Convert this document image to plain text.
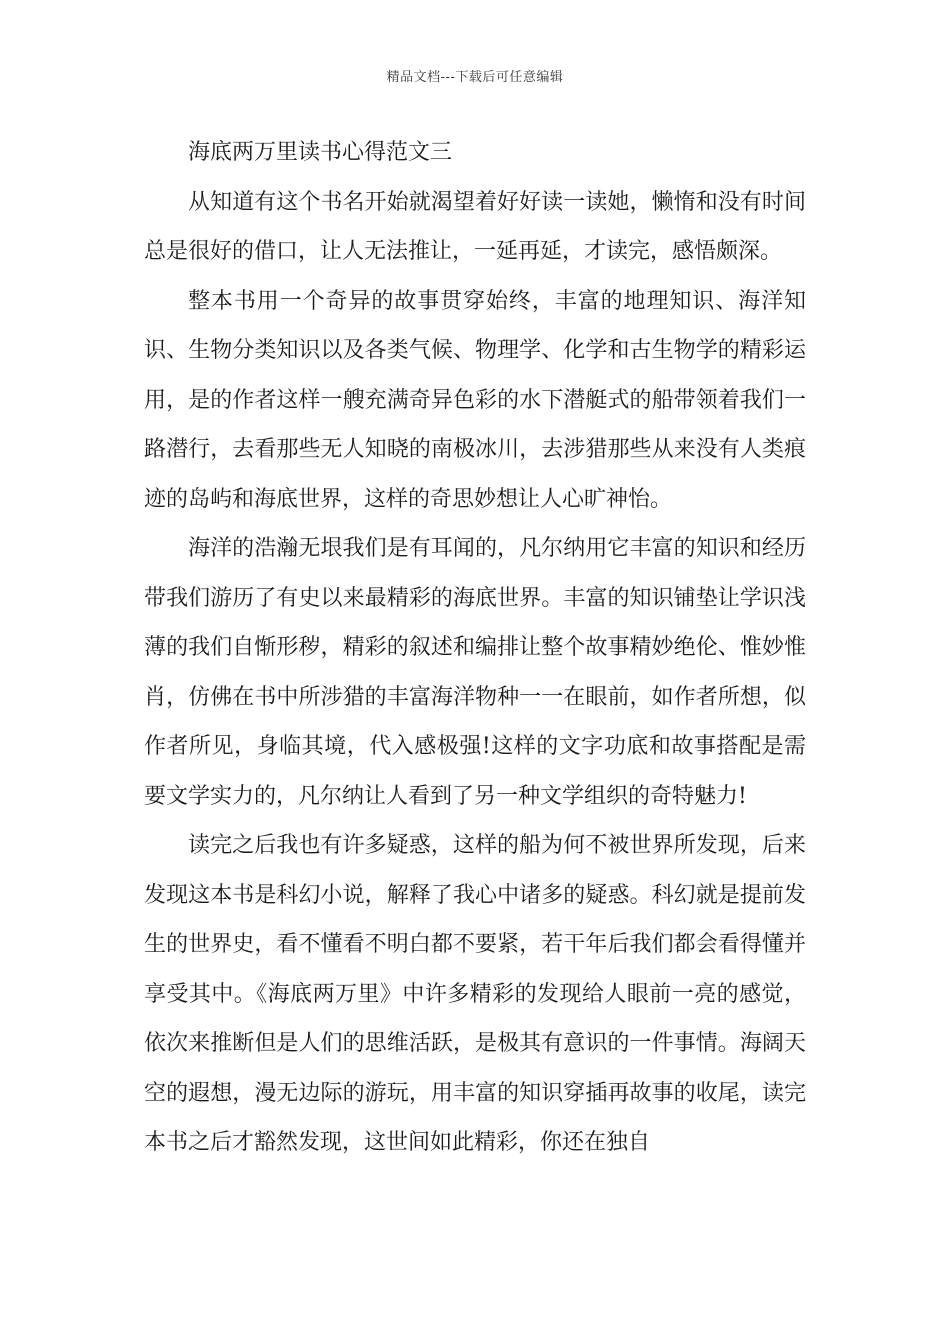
精品文档---下载后可任意编辑

海底两万里读书心得范文三

从知道有这个书名开始就渴望着好好读一读她，懒惰和没有时间总是很好的借口，让人无法推让，一延再延，才读完，感悟颇深。

整本书用一个奇异的故事贯穿始终，丰富的地理知识、海洋知识、生物分类知识以及各类气候、物理学、化学和古生物学的精彩运用，是的作者这样一艘充满奇异色彩的水下潜艇式的船带领着我们一路潜行，去看那些无人知晓的南极冰川，去涉猎那些从来没有人类痕迹的岛屿和海底世界，这样的奇思妙想让人心旷神怡。

海洋的浩瀚无垠我们是有耳闻的，凡尔纳用它丰富的知识和经历带我们游历了有史以来最精彩的海底世界。丰富的知识铺垫让学识浅薄的我们自惭形秽，精彩的叙述和编排让整个故事精妙绝伦、惟妙惟肖，仿佛在书中所涉猎的丰富海洋物种一一在眼前，如作者所想，似作者所见，身临其境，代入感极强!这样的文字功底和故事搭配是需要文学实力的，凡尔纳让人看到了另一种文学组织的奇特魅力!

读完之后我也有许多疑惑，这样的船为何不被世界所发现，后来发现这本书是科幻小说，解释了我心中诸多的疑惑。科幻就是提前发生的世界史，看不懂看不明白都不要紧，若干年后我们都会看得懂并享受其中。《海底两万里》中许多精彩的发现给人眼前一亮的感觉，依次来推断但是人们的思维活跃，是极其有意识的一件事情。海阔天空的遐想，漫无边际的游玩，用丰富的知识穿插再故事的收尾，读完本书之后才豁然发现，这世间如此精彩，你还在独自
